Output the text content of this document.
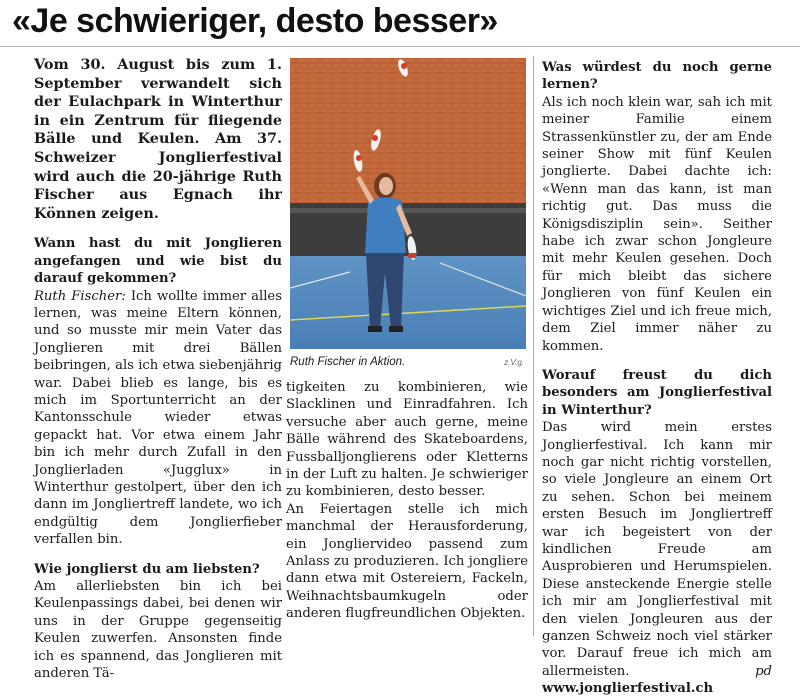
«Je schwieriger, desto besser»

Vom 30. August bis zum 1. September verwandelt sich der Eulachpark in Winterthur in ein Zentrum für fliegende Bälle und Keulen. Am 37. Schweizer Jonglierfestival wird auch die 20-jährige Ruth Fischer aus Egnach ihr Können zeigen.

Wann hast du mit Jonglieren angefangen und wie bist du darauf gekommen?

Ruth Fischer: Ich wollte immer alles lernen, was meine Eltern können, und so musste mir mein Vater das Jonglieren mit drei Bällen beibringen, als ich etwa siebenjährig war. Dabei blieb es lange, bis es mich im Sportunterricht an der Kantonsschule wieder etwas gepackt hat. Vor etwa einem Jahr bin ich mehr durch Zufall in den Jonglierladen «Jugglux» in Winterthur gestolpert, über den ich dann im Jongliertreff landete, wo ich endgültig dem Jonglierfieber verfallen bin.

Wie jonglierst du am liebsten?

Am allerliebsten bin ich bei Keulenpassings dabei, bei denen wir uns in der Gruppe gegenseitig Keulen zuwerfen. Ansonsten finde ich es spannend, das Jonglieren mit anderen Tä-

Ruth Fischer in Aktion.	z.V.g.

tigkeiten zu kombinieren, wie Slacklinen und Einradfahren. Ich versuche aber auch gerne, meine Bälle während des Skateboardens, Fussballjonglierens oder Kletterns in der Luft zu halten. Je schwieriger zu kombinieren, desto besser.

An Feiertagen stelle ich mich manchmal der Herausforderung, ein Jongliervideo passend zum Anlass zu produzieren. Ich jongliere dann etwa mit Ostereiern, Fackeln, Weihnachtsbaumkugeln oder anderen flugfreundlichen Objekten.

Was würdest du noch gerne lernen?

Als ich noch klein war, sah ich mit meiner Familie einem Strassenkünstler zu, der am Ende seiner Show mit fünf Keulen jonglierte. Dabei dachte ich: «Wenn man das kann, ist man richtig gut. Das muss die Königsdisziplin sein». Seither habe ich zwar schon Jongleure mit mehr Keulen gesehen. Doch für mich bleibt das sichere Jonglieren von fünf Keulen ein wichtiges Ziel und ich freue mich, dem Ziel immer näher zu kommen.

Worauf freust du dich besonders am Jonglierfestival in Winterthur?

Das wird mein erstes Jonglierfestival. Ich kann mir noch gar nicht richtig vorstellen, so viele Jongleure an einem Ort zu sehen. Schon bei meinem ersten Besuch im Jongliertreff war ich begeistert von der kindlichen Freude am Ausprobieren und Herumspielen. Diese ansteckende Energie stelle ich mir am Jonglierfestival mit den vielen Jongleuren aus der ganzen Schweiz noch viel stärker vor. Darauf freue ich mich am allermeisten.	pd

www.jonglierfestival.ch
